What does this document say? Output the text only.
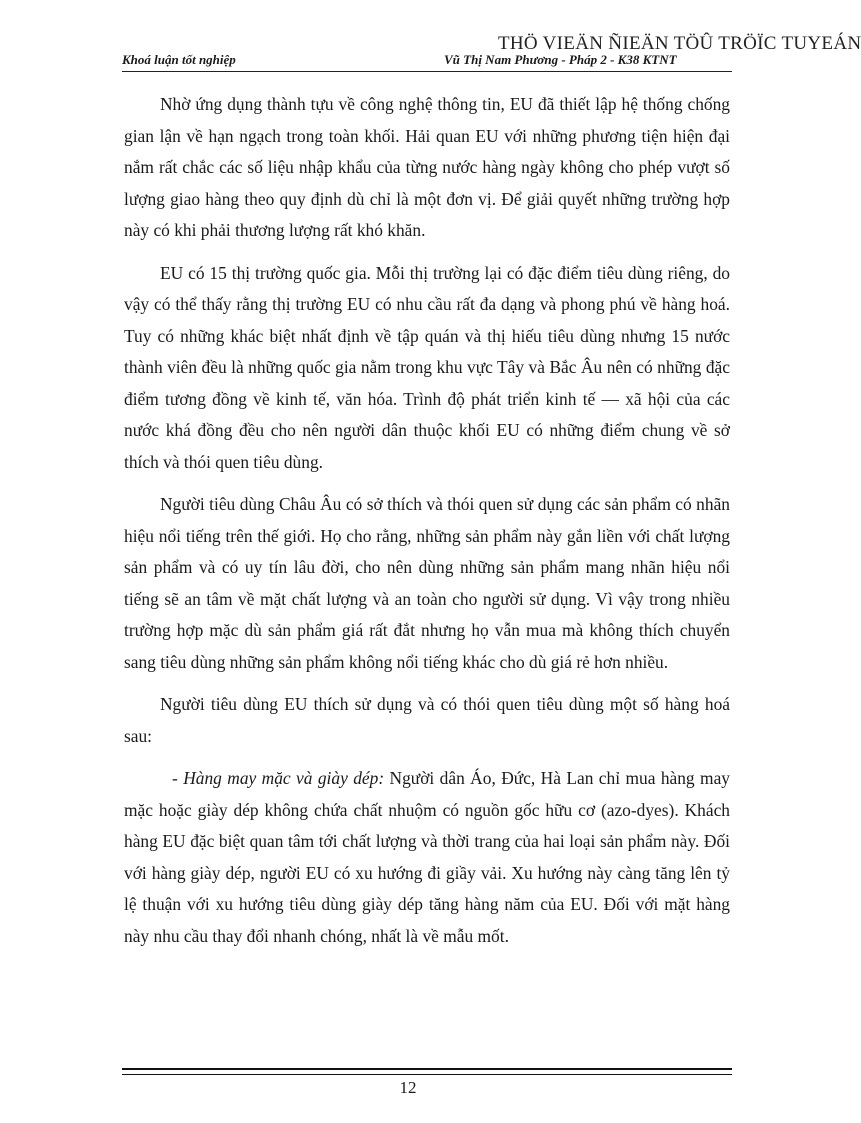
THÖ VIEÄN ÑIEÄN TÖÛ TRÖÏC TUYEÁN
Khoá luận tốt nghiệp	Vũ Thị Nam Phương - Pháp 2 - K38 KTNT

Nhờ ứng dụng thành tựu về công nghệ thông tin, EU đã thiết lập hệ thống chống gian lận về hạn ngạch trong toàn khối. Hải quan EU với những phương tiện hiện đại nắm rất chắc các số liệu nhập khẩu của từng nước hàng ngày không cho phép vượt số lượng giao hàng theo quy định dù chỉ là một đơn vị. Để giải quyết những trường hợp này có khi phải thương lượng rất khó khăn.

EU có 15 thị trường quốc gia. Mỗi thị trường lại có đặc điểm tiêu dùng riêng, do vậy có thể thấy rằng thị trường EU có nhu cầu rất đa dạng và phong phú về hàng hoá. Tuy có những khác biệt nhất định về tập quán và thị hiếu tiêu dùng nhưng 15 nước thành viên đều là những quốc gia nằm trong khu vực Tây và Bắc Âu nên có những đặc điểm tương đồng về kinh tế, văn hóa. Trình độ phát triển kinh tế — xã hội của các nước khá đồng đều cho nên người dân thuộc khối EU có những điểm chung về sở thích và thói quen tiêu dùng.

Người tiêu dùng Châu Âu có sở thích và thói quen sử dụng các sản phẩm có nhãn hiệu nổi tiếng trên thế giới. Họ cho rằng, những sản phẩm này gắn liền với chất lượng sản phẩm và có uy tín lâu đời, cho nên dùng những sản phẩm mang nhãn hiệu nổi tiếng sẽ an tâm về mặt chất lượng và an toàn cho người sử dụng. Vì vậy trong nhiều trường hợp mặc dù sản phẩm giá rất đắt nhưng họ vẫn mua mà không thích chuyển sang tiêu dùng những sản phẩm không nổi tiếng khác cho dù giá rẻ hơn nhiều.

Người tiêu dùng EU thích sử dụng và có thói quen tiêu dùng một số hàng hoá sau:

- Hàng may mặc và giày dép: Người dân Áo, Đức, Hà Lan chỉ mua hàng may mặc hoặc giày dép không chứa chất nhuộm có nguồn gốc hữu cơ (azo-dyes). Khách hàng EU đặc biệt quan tâm tới chất lượng và thời trang của hai loại sản phẩm này. Đối với hàng giày dép, người EU có xu hướng đi giầy vải. Xu hướng này càng tăng lên tỷ lệ thuận với xu hướng tiêu dùng giày dép tăng hàng năm của EU. Đối với mặt hàng này nhu cầu thay đổi nhanh chóng, nhất là về mẫu mốt.

12
